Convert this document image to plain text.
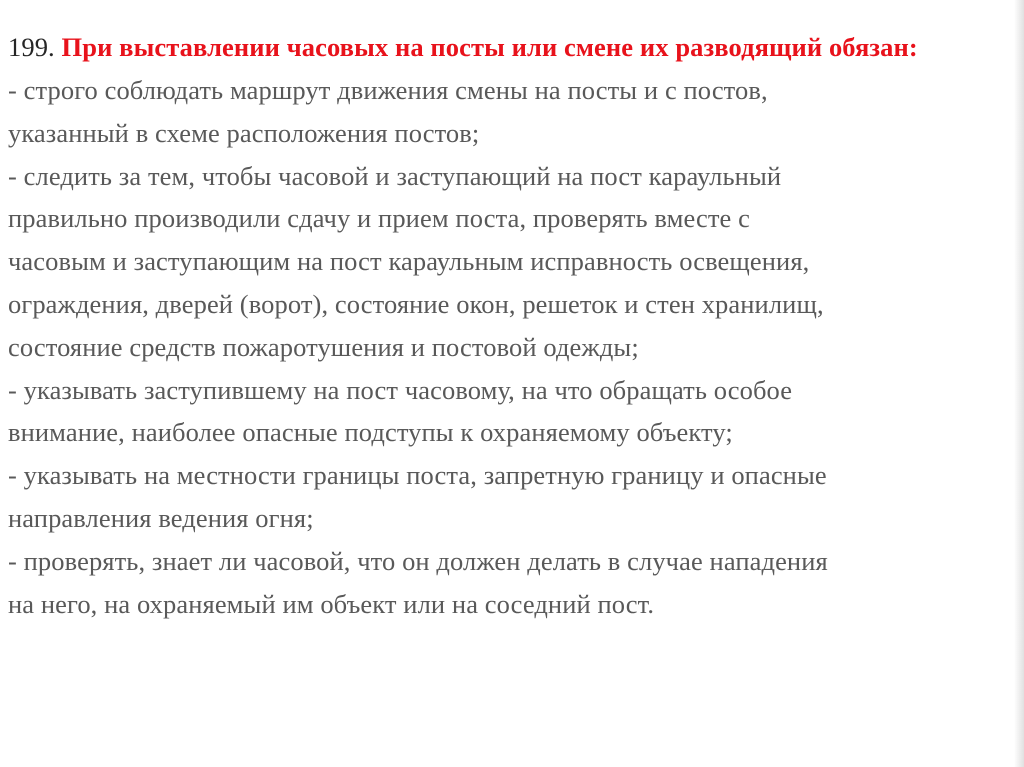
199. При выставлении часовых на посты или смене их разводящий обязан:

- строго соблюдать маршрут движения смены на посты и с постов,

указанный в схеме расположения постов;

- следить за тем, чтобы часовой и заступающий на пост караульный

правильно производили сдачу и прием поста, проверять вместе с

часовым и заступающим на пост караульным исправность освещения,

ограждения, дверей (ворот), состояние окон, решеток и стен хранилищ,

состояние средств пожаротушения и постовой одежды;

- указывать заступившему на пост часовому, на что обращать особое

внимание, наиболее опасные подступы к охраняемому объекту;

- указывать на местности границы поста, запретную границу и опасные

направления ведения огня;

- проверять, знает ли часовой, что он должен делать в случае нападения

на него, на охраняемый им объект или на соседний пост.
